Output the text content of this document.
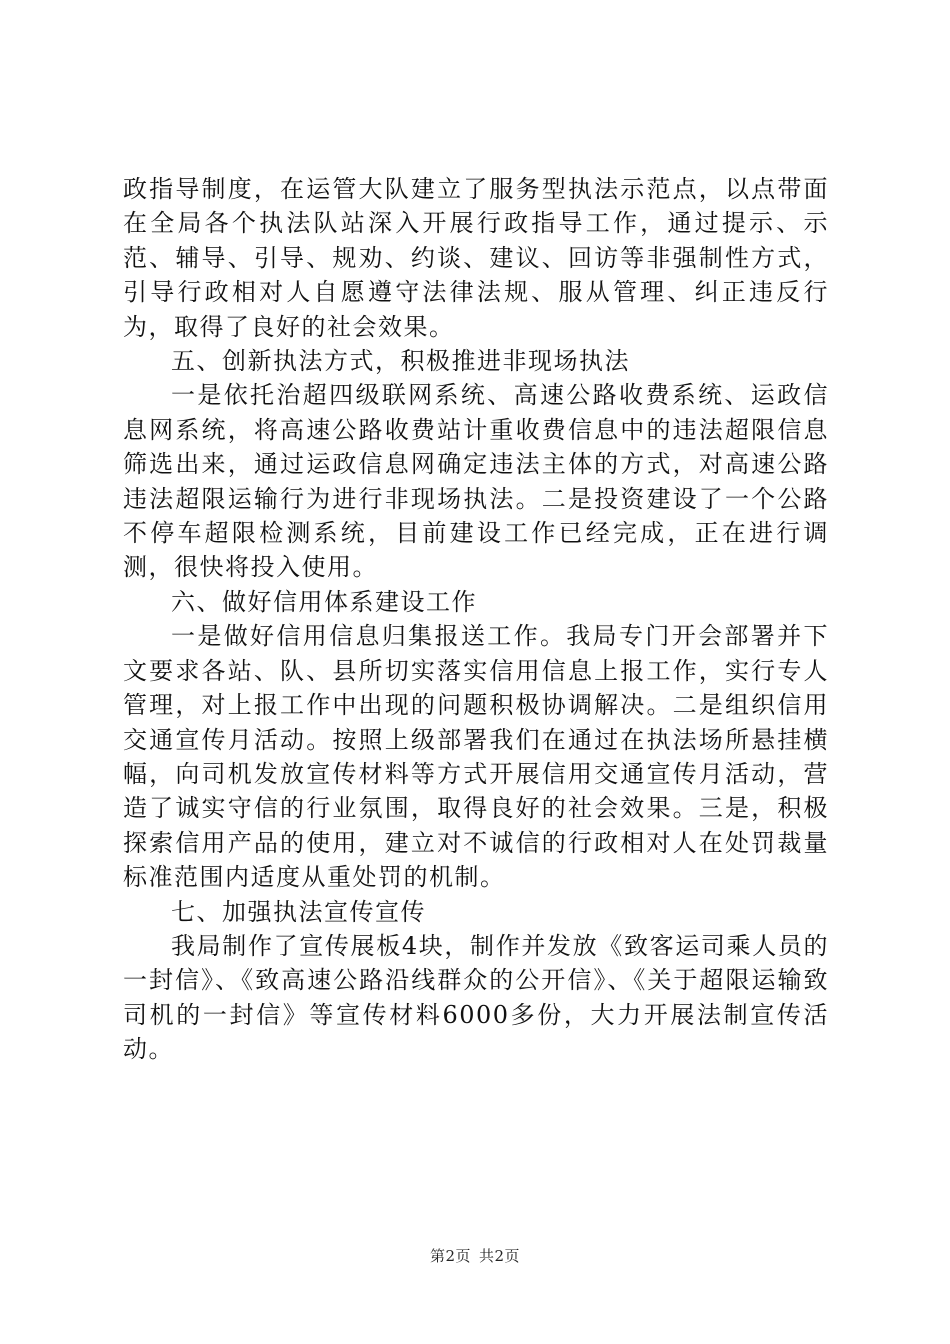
政指导制度，在运管大队建立了服务型执法示范点，以点带面在全局各个执法队站深入开展行政指导工作，通过提示、示范、辅导、引导、规劝、约谈、建议、回访等非强制性方式，引导行政相对人自愿遵守法律法规、服从管理、纠正违反行为，取得了良好的社会效果。

五、创新执法方式，积极推进非现场执法

一是依托治超四级联网系统、高速公路收费系统、运政信息网系统，将高速公路收费站计重收费信息中的违法超限信息筛选出来，通过运政信息网确定违法主体的方式，对高速公路违法超限运输行为进行非现场执法。二是投资建设了一个公路不停车超限检测系统，目前建设工作已经完成，正在进行调测，很快将投入使用。

六、做好信用体系建设工作

一是做好信用信息归集报送工作。我局专门开会部署并下文要求各站、队、县所切实落实信用信息上报工作，实行专人管理，对上报工作中出现的问题积极协调解决。二是组织信用交通宣传月活动。按照上级部署我们在通过在执法场所悬挂横幅，向司机发放宣传材料等方式开展信用交通宣传月活动，营造了诚实守信的行业氛围，取得良好的社会效果。三是，积极探索信用产品的使用，建立对不诚信的行政相对人在处罚裁量标准范围内适度从重处罚的机制。

七、加强执法宣传宣传

我局制作了宣传展板4块，制作并发放《致客运司乘人员的一封信》、《致高速公路沿线群众的公开信》、《关于超限运输致司机的一封信》等宣传材料6000多份，大力开展法制宣传活动。

第2页 共2页
